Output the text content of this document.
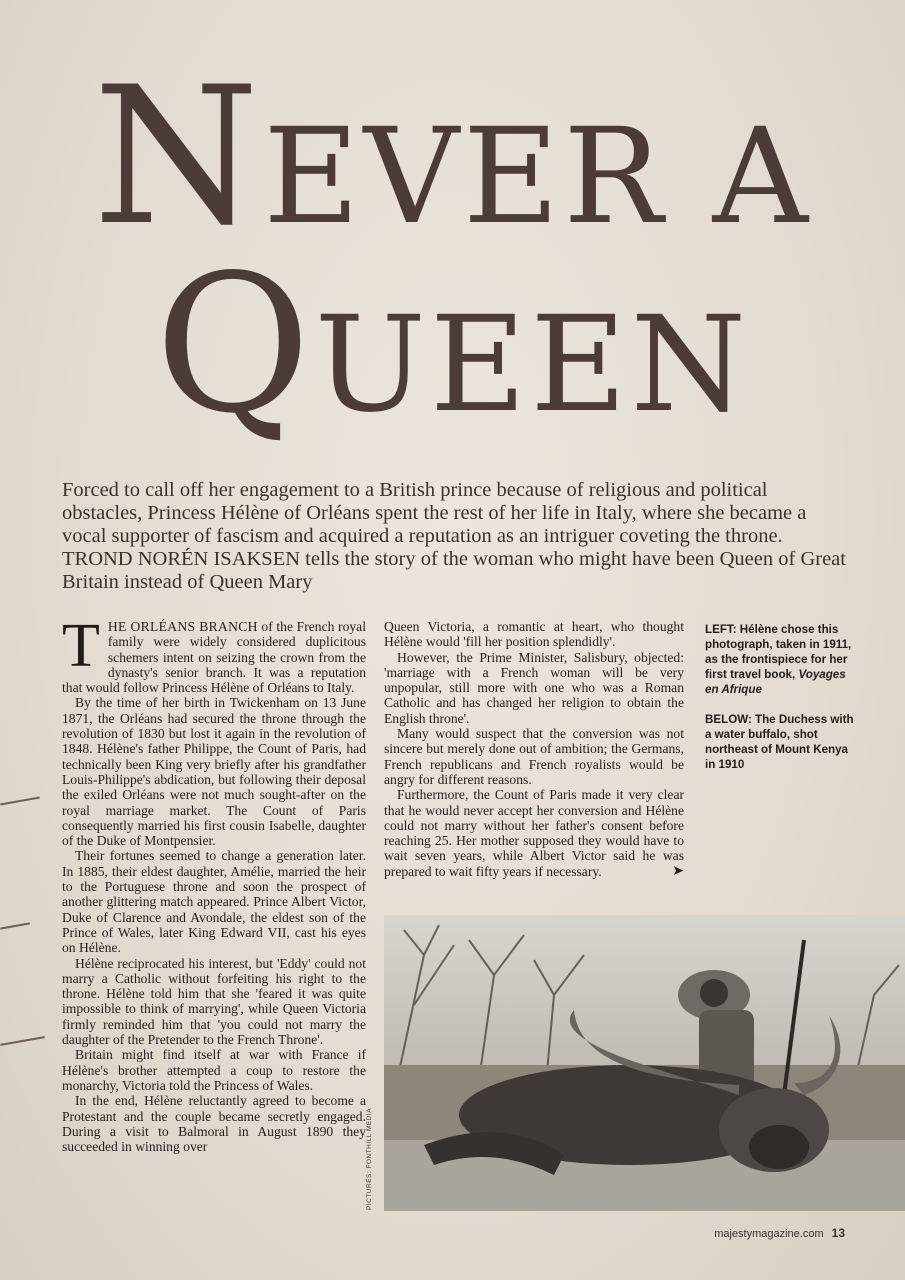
NEVER A
QUEEN
Forced to call off her engagement to a British prince because of religious and political obstacles, Princess Hélène of Orléans spent the rest of her life in Italy, where she became a vocal supporter of fascism and acquired a reputation as an intriguer coveting the throne. TROND NORÉN ISAKSEN tells the story of the woman who might have been Queen of Great Britain instead of Queen Mary

THE ORLÉANS BRANCH of the French royal family were widely considered duplicitous schemers intent on seizing the crown from the dynasty's senior branch. It was a reputation that would follow Princess Hélène of Orléans to Italy.

By the time of her birth in Twickenham on 13 June 1871, the Orléans had secured the throne through the revolution of 1830 but lost it again in the revolution of 1848. Hélène's father Philippe, the Count of Paris, had technically been King very briefly after his grandfather Louis-Philippe's abdication, but following their deposal the exiled Orléans were not much sought-after on the royal marriage market. The Count of Paris consequently married his first cousin Isabelle, daughter of the Duke of Montpensier.

Their fortunes seemed to change a generation later. In 1885, their eldest daughter, Amélie, married the heir to the Portuguese throne and soon the prospect of another glittering match appeared. Prince Albert Victor, Duke of Clarence and Avondale, the eldest son of the Prince of Wales, later King Edward VII, cast his eyes on Hélène.

Hélène reciprocated his interest, but 'Eddy' could not marry a Catholic without forfeiting his right to the throne. Hélène told him that she 'feared it was quite impossible to think of marrying', while Queen Victoria firmly reminded him that 'you could not marry the daughter of the Pretender to the French Throne'.

Britain might find itself at war with France if Hélène's brother attempted a coup to restore the monarchy, Victoria told the Princess of Wales.

In the end, Hélène reluctantly agreed to become a Protestant and the couple became secretly engaged. During a visit to Balmoral in August 1890 they succeeded in winning over

Queen Victoria, a romantic at heart, who thought Hélène would 'fill her position splendidly'.

However, the Prime Minister, Salisbury, objected: 'marriage with a French woman will be very unpopular, still more with one who was a Roman Catholic and has changed her religion to obtain the English throne'.

Many would suspect that the conversion was not sincere but merely done out of ambition; the Germans, French republicans and French royalists would be angry for different reasons.

Furthermore, the Count of Paris made it very clear that he would never accept her conversion and Hélène could not marry without her father's consent before reaching 25. Her mother supposed they would have to wait seven years, while Albert Victor said he was prepared to wait fifty years if necessary.	➤

LEFT: Hélène chose this photograph, taken in 1911, as the frontispiece for her first travel book, Voyages en Afrique
BELOW: The Duchess with a water buffalo, shot northeast of Mount Kenya in 1910
PICTURES: FONTHILL MEDIA
majestymagazine.com 13
